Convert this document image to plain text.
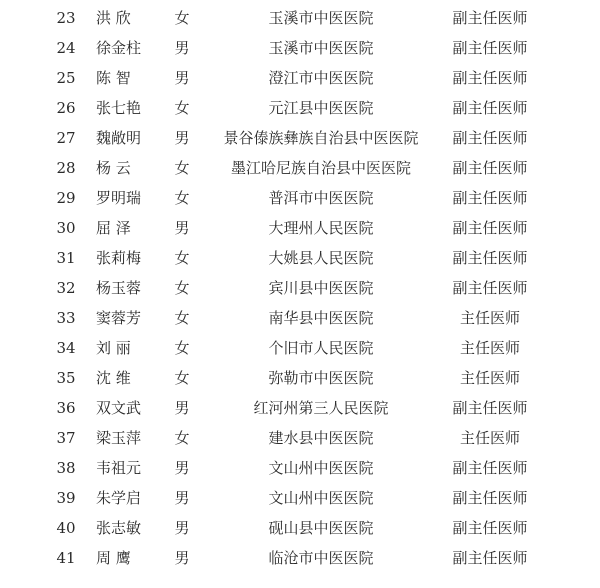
23	洪 欣	女	玉溪市中医医院	副主任医师
24	徐金柱	男	玉溪市中医医院	副主任医师
25	陈 智	男	澄江市中医医院	副主任医师
26	张七艳	女	元江县中医医院	副主任医师
27	魏敞明	男	景谷傣族彝族自治县中医医院	副主任医师
28	杨 云	女	墨江哈尼族自治县中医医院	副主任医师
29	罗明瑞	女	普洱市中医医院	副主任医师
30	屈 泽	男	大理州人民医院	副主任医师
31	张莉梅	女	大姚县人民医院	副主任医师
32	杨玉蓉	女	宾川县中医医院	副主任医师
33	窦蓉芳	女	南华县中医医院	主任医师
34	刘 丽	女	个旧市人民医院	主任医师
35	沈 维	女	弥勒市中医医院	主任医师
36	双文武	男	红河州第三人民医院	副主任医师
37	梁玉萍	女	建水县中医医院	主任医师
38	韦祖元	男	文山州中医医院	副主任医师
39	朱学启	男	文山州中医医院	副主任医师
40	张志敏	男	砚山县中医医院	副主任医师
41	周 鹰	男	临沧市中医医院	副主任医师
